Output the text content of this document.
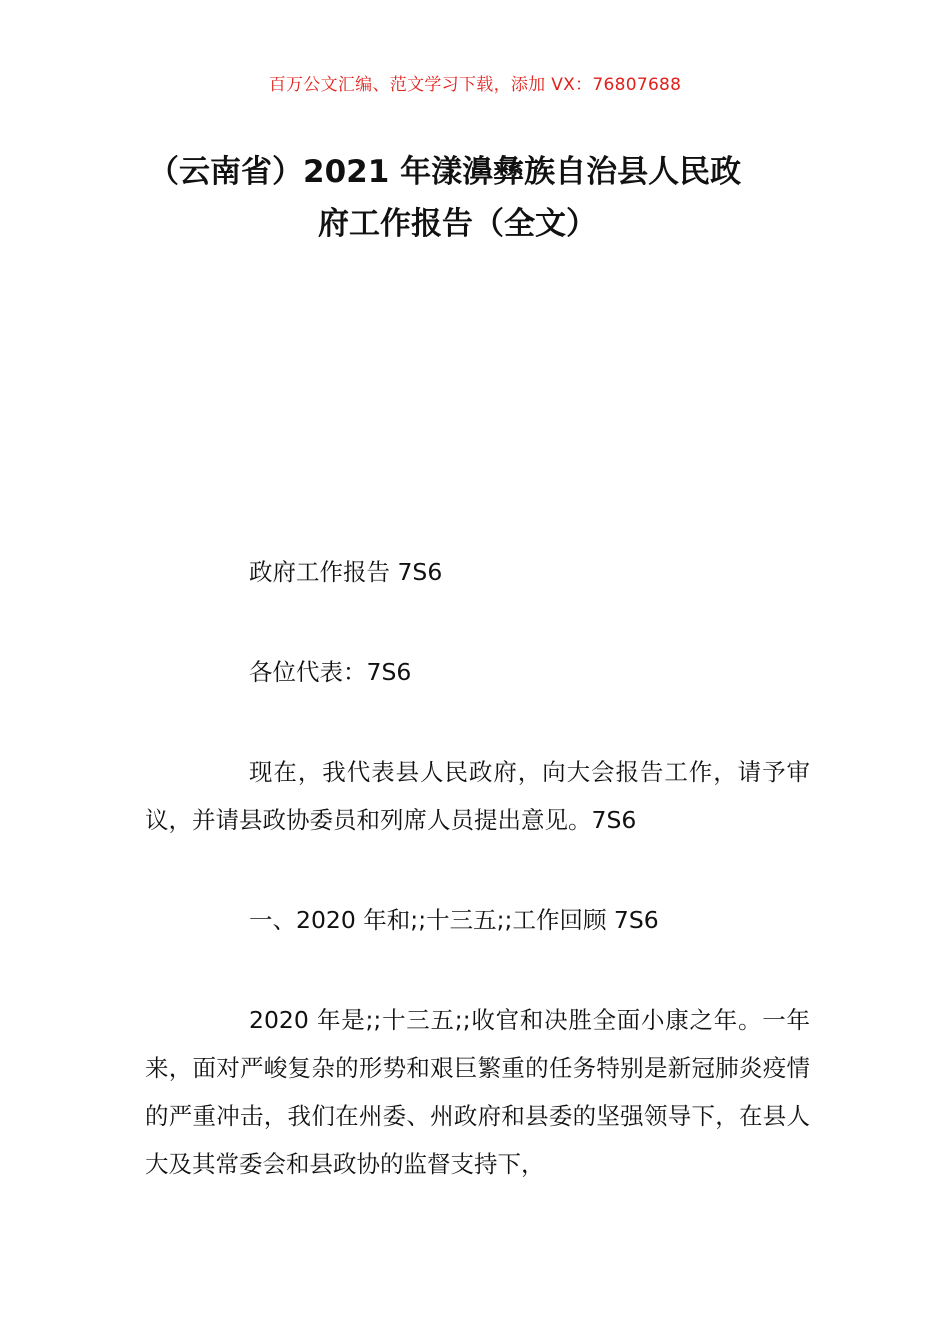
百万公文汇编、范文学习下载，添加 VX：76807688
（云南省）2021 年漾濞彝族自治县人民政
府工作报告（全文）

政府工作报告 7S6

各位代表：7S6

现在，我代表县人民政府，向大会报告工作，请予审议，并请县政协委员和列席人员提出意见。7S6

一、2020 年和;;十三五;;工作回顾 7S6

2020 年是;;十三五;;收官和决胜全面小康之年。一年来，面对严峻复杂的形势和艰巨繁重的任务特别是新冠肺炎疫情的严重冲击，我们在州委、州政府和县委的坚强领导下，在县人大及其常委会和县政协的监督支持下，
